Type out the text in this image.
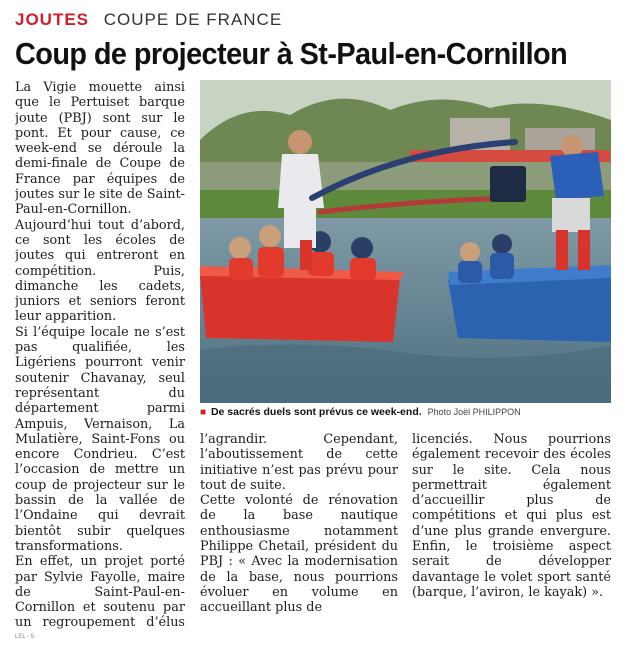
JOUTES COUPE DE FRANCE
Coup de projecteur à St-Paul-en-Cornillon

La Vigie mouette ainsi que le Pertuiset barque joute (PBJ) sont sur le pont. Et pour cause, ce week-end se déroule la demi-finale de Coupe de France par équipes de joutes sur le site de Saint-Paul-en-Cornillon. Aujourd’hui tout d’abord, ce sont les écoles de joutes qui entreront en compétition. Puis, dimanche les cadets, juniors et seniors feront leur apparition.

Si l’équipe locale ne s’est pas qualifiée, les Ligériens pourront venir soutenir Chavanay, seul représentant du département parmi Ampuis, Vernaison, La Mulatière, Saint-Fons ou encore Condrieu. C’est l’occasion de mettre un coup de projecteur sur le bassin de la vallée de l’Ondaine qui devrait bientôt subir quelques transformations.

En effet, un projet porté par Sylvie Fayolle, maire de Saint-Paul-en-Cornillon et soutenu par un regroupement d’élus

■ De sacrés duels sont prévus ce week-end. Photo Joël PHILIPPON

l’agrandir. Cependant, l’aboutissement de cette initiative n’est pas prévu pour tout de suite.

Cette volonté de rénovation de la base nautique enthousiasme notamment Philippe Chetail, président du PBJ : « Avec la modernisation de la base, nous pourrions évoluer en volume en accueillant plus de

licenciés. Nous pourrions également recevoir des écoles sur le site. Cela nous permettrait également d’accueillir plus de compétitions et qui plus est d’une plus grande envergure. Enfin, le troisième aspect serait de développer davantage le volet sport santé (barque, l’aviron, le kayak) ».

LEL - 5
